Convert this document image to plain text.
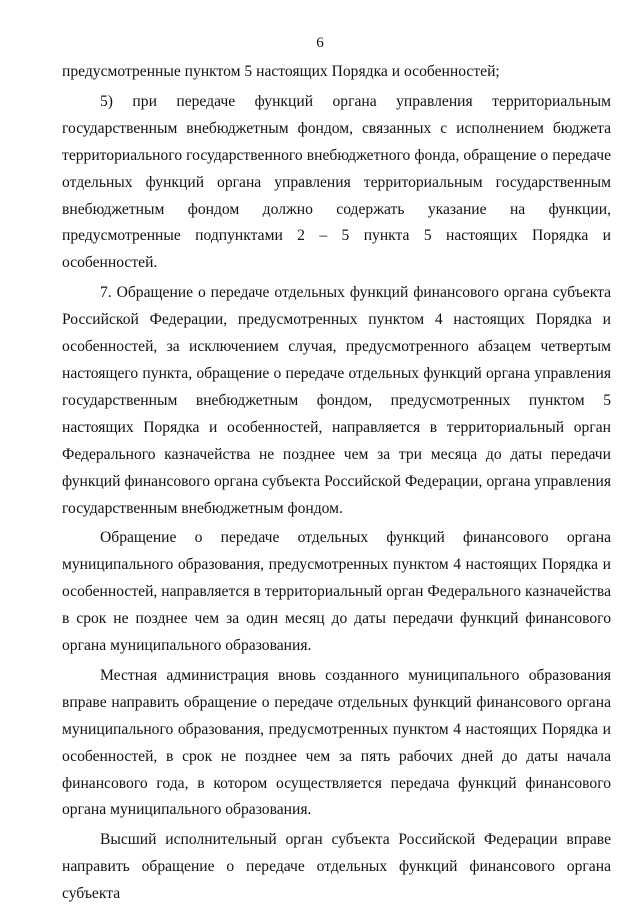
6

предусмотренные пунктом 5 настоящих Порядка и особенностей;

5) при передаче функций органа управления территориальным государственным внебюджетным фондом, связанных с исполнением бюджета территориального государственного внебюджетного фонда, обращение о передаче отдельных функций органа управления территориальным государственным внебюджетным фондом должно содержать указание на функции, предусмотренные подпунктами 2 – 5 пункта 5 настоящих Порядка и особенностей.

7. Обращение о передаче отдельных функций финансового органа субъекта Российской Федерации, предусмотренных пунктом 4 настоящих Порядка и особенностей, за исключением случая, предусмотренного абзацем четвертым настоящего пункта, обращение о передаче отдельных функций органа управления государственным внебюджетным фондом, предусмотренных пунктом 5 настоящих Порядка и особенностей, направляется в территориальный орган Федерального казначейства не позднее чем за три месяца до даты передачи функций финансового органа субъекта Российской Федерации, органа управления государственным внебюджетным фондом.

Обращение о передаче отдельных функций финансового органа муниципального образования, предусмотренных пунктом 4 настоящих Порядка и особенностей, направляется в территориальный орган Федерального казначейства в срок не позднее чем за один месяц до даты передачи функций финансового органа муниципального образования.

Местная администрация вновь созданного муниципального образования вправе направить обращение о передаче отдельных функций финансового органа муниципального образования, предусмотренных пунктом 4 настоящих Порядка и особенностей, в срок не позднее чем за пять рабочих дней до даты начала финансового года, в котором осуществляется передача функций финансового органа муниципального образования.

Высший исполнительный орган субъекта Российской Федерации вправе направить обращение о передаче отдельных функций финансового органа субъекта
